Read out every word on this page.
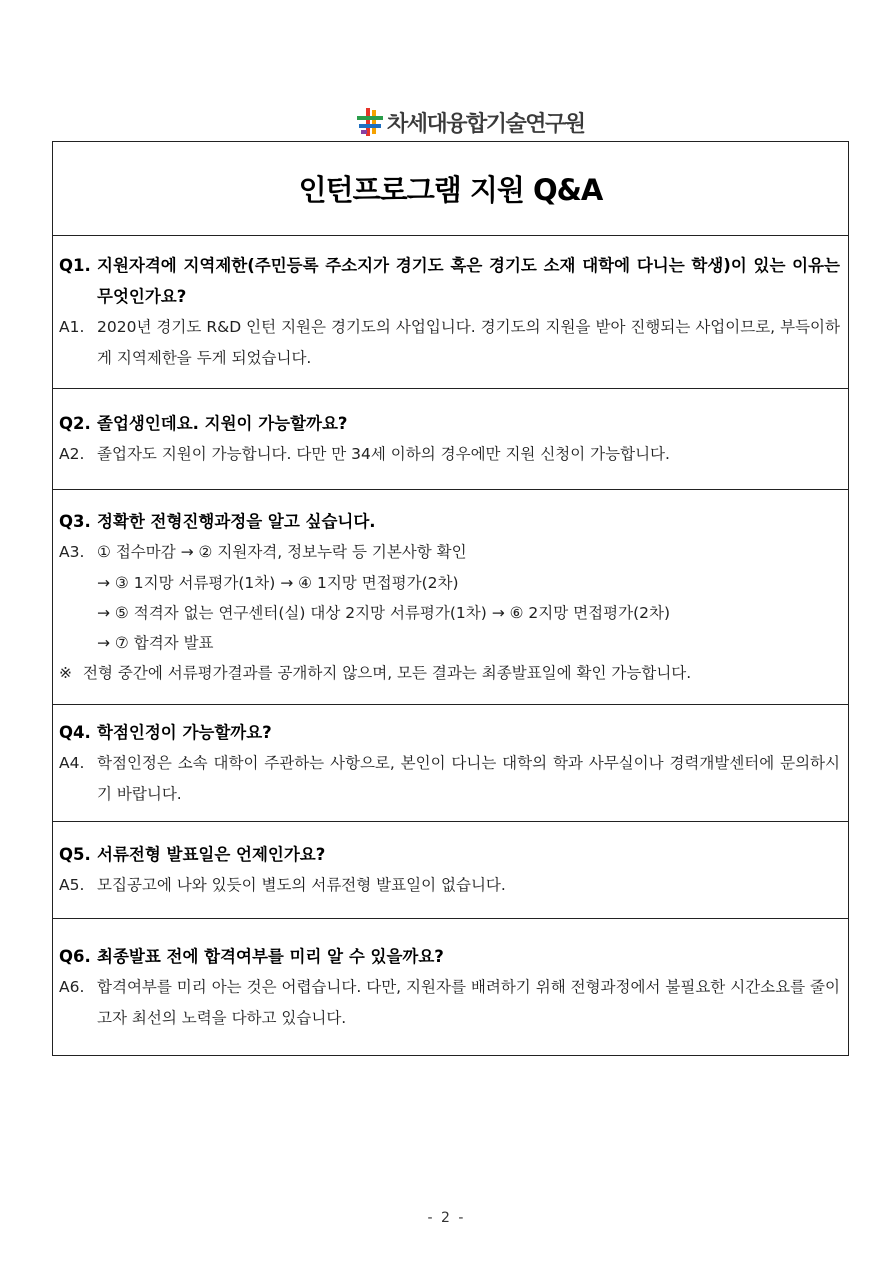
차세대융합기술연구원
인턴프로그램 지원 Q&A
Q1. 지원자격에 지역제한(주민등록 주소지가 경기도 혹은 경기도 소재 대학에 다니는 학생)이 있는 이유는 무엇인가요?
A1. 2020년 경기도 R&D 인턴 지원은 경기도의 사업입니다. 경기도의 지원을 받아 진행되는 사업이므로, 부득이하게 지역제한을 두게 되었습니다.
Q2. 졸업생인데요. 지원이 가능할까요?
A2. 졸업자도 지원이 가능합니다. 다만 만 34세 이하의 경우에만 지원 신청이 가능합니다.
Q3. 정확한 전형진행과정을 알고 싶습니다.
A3. ① 접수마감 → ② 지원자격, 정보누락 등 기본사항 확인
→ ③ 1지망 서류평가(1차) → ④ 1지망 면접평가(2차)
→ ⑤ 적격자 없는 연구센터(실) 대상 2지망 서류평가(1차) → ⑥ 2지망 면접평가(2차)
→ ⑦ 합격자 발표
※ 전형 중간에 서류평가결과를 공개하지 않으며, 모든 결과는 최종발표일에 확인 가능합니다.
Q4. 학점인정이 가능할까요?
A4. 학점인정은 소속 대학이 주관하는 사항으로, 본인이 다니는 대학의 학과 사무실이나 경력개발센터에 문의하시기 바랍니다.
Q5. 서류전형 발표일은 언제인가요?
A5. 모집공고에 나와 있듯이 별도의 서류전형 발표일이 없습니다.
Q6. 최종발표 전에 합격여부를 미리 알 수 있을까요?
A6. 합격여부를 미리 아는 것은 어렵습니다. 다만, 지원자를 배려하기 위해 전형과정에서 불필요한 시간소요를 줄이고자 최선의 노력을 다하고 있습니다.
- 2 -
